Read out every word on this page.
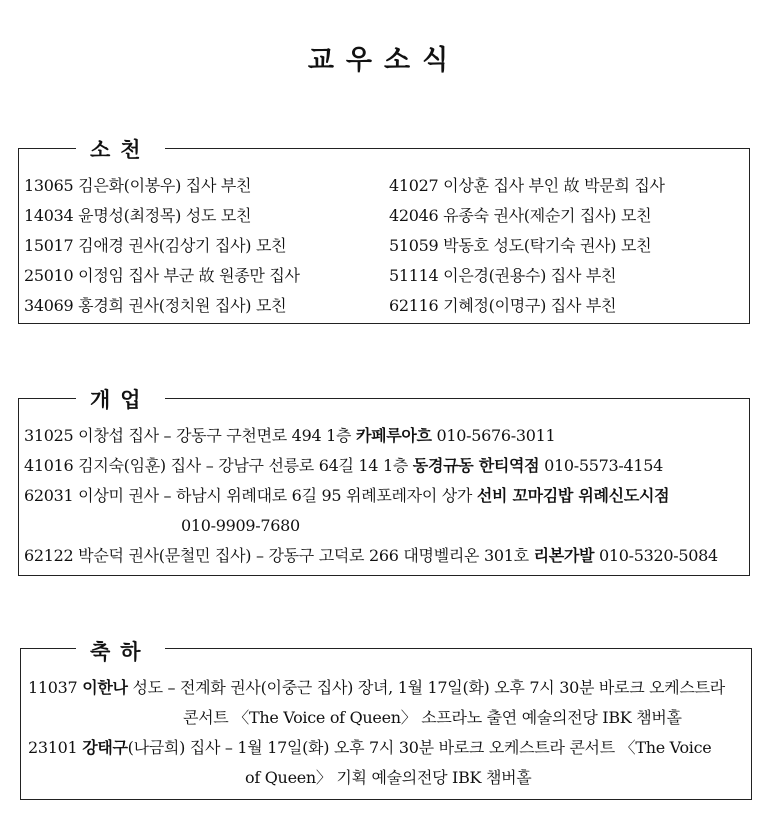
교우소식
13065 김은화(이봉우) 집사 부친
14034 윤명성(최정목) 성도 모친
15017 김애경 권사(김상기 집사) 모친
25010 이정임 집사 부군 故 원종만 집사
34069 홍경희 권사(정치원 집사) 모친
41027 이상훈 집사 부인 故 박문희 집사
42046 유종숙 권사(제순기 집사) 모친
51059 박동호 성도(탁기숙 권사) 모친
51114 이은경(권용수) 집사 부친
62116 기혜정(이명구) 집사 부친
소천
31025 이창섭 집사 – 강동구 구천면로 494 1층 카페루아흐 010-5676-3011
41016 김지숙(임훈) 집사 – 강남구 선릉로 64길 14 1층 동경규동 한티역점 010-5573-4154
62031 이상미 권사 – 하남시 위례대로 6길 95 위례포레자이 상가 선비 꼬마김밥 위례신도시점
010-9909-7680
62122 박순덕 권사(문철민 집사) – 강동구 고덕로 266 대명벨리온 301호 리본가발 010-5320-5084
개업
11037 이한나 성도 – 전계화 권사(이중근 집사) 장녀, 1월 17일(화) 오후 7시 30분 바로크 오케스트라
콘서트 〈The Voice of Queen〉 소프라노 출연 예술의전당 IBK 챔버홀
23101 강태구(나금희) 집사 – 1월 17일(화) 오후 7시 30분 바로크 오케스트라 콘서트 〈The Voice
of Queen〉 기획 예술의전당 IBK 챔버홀
축하
